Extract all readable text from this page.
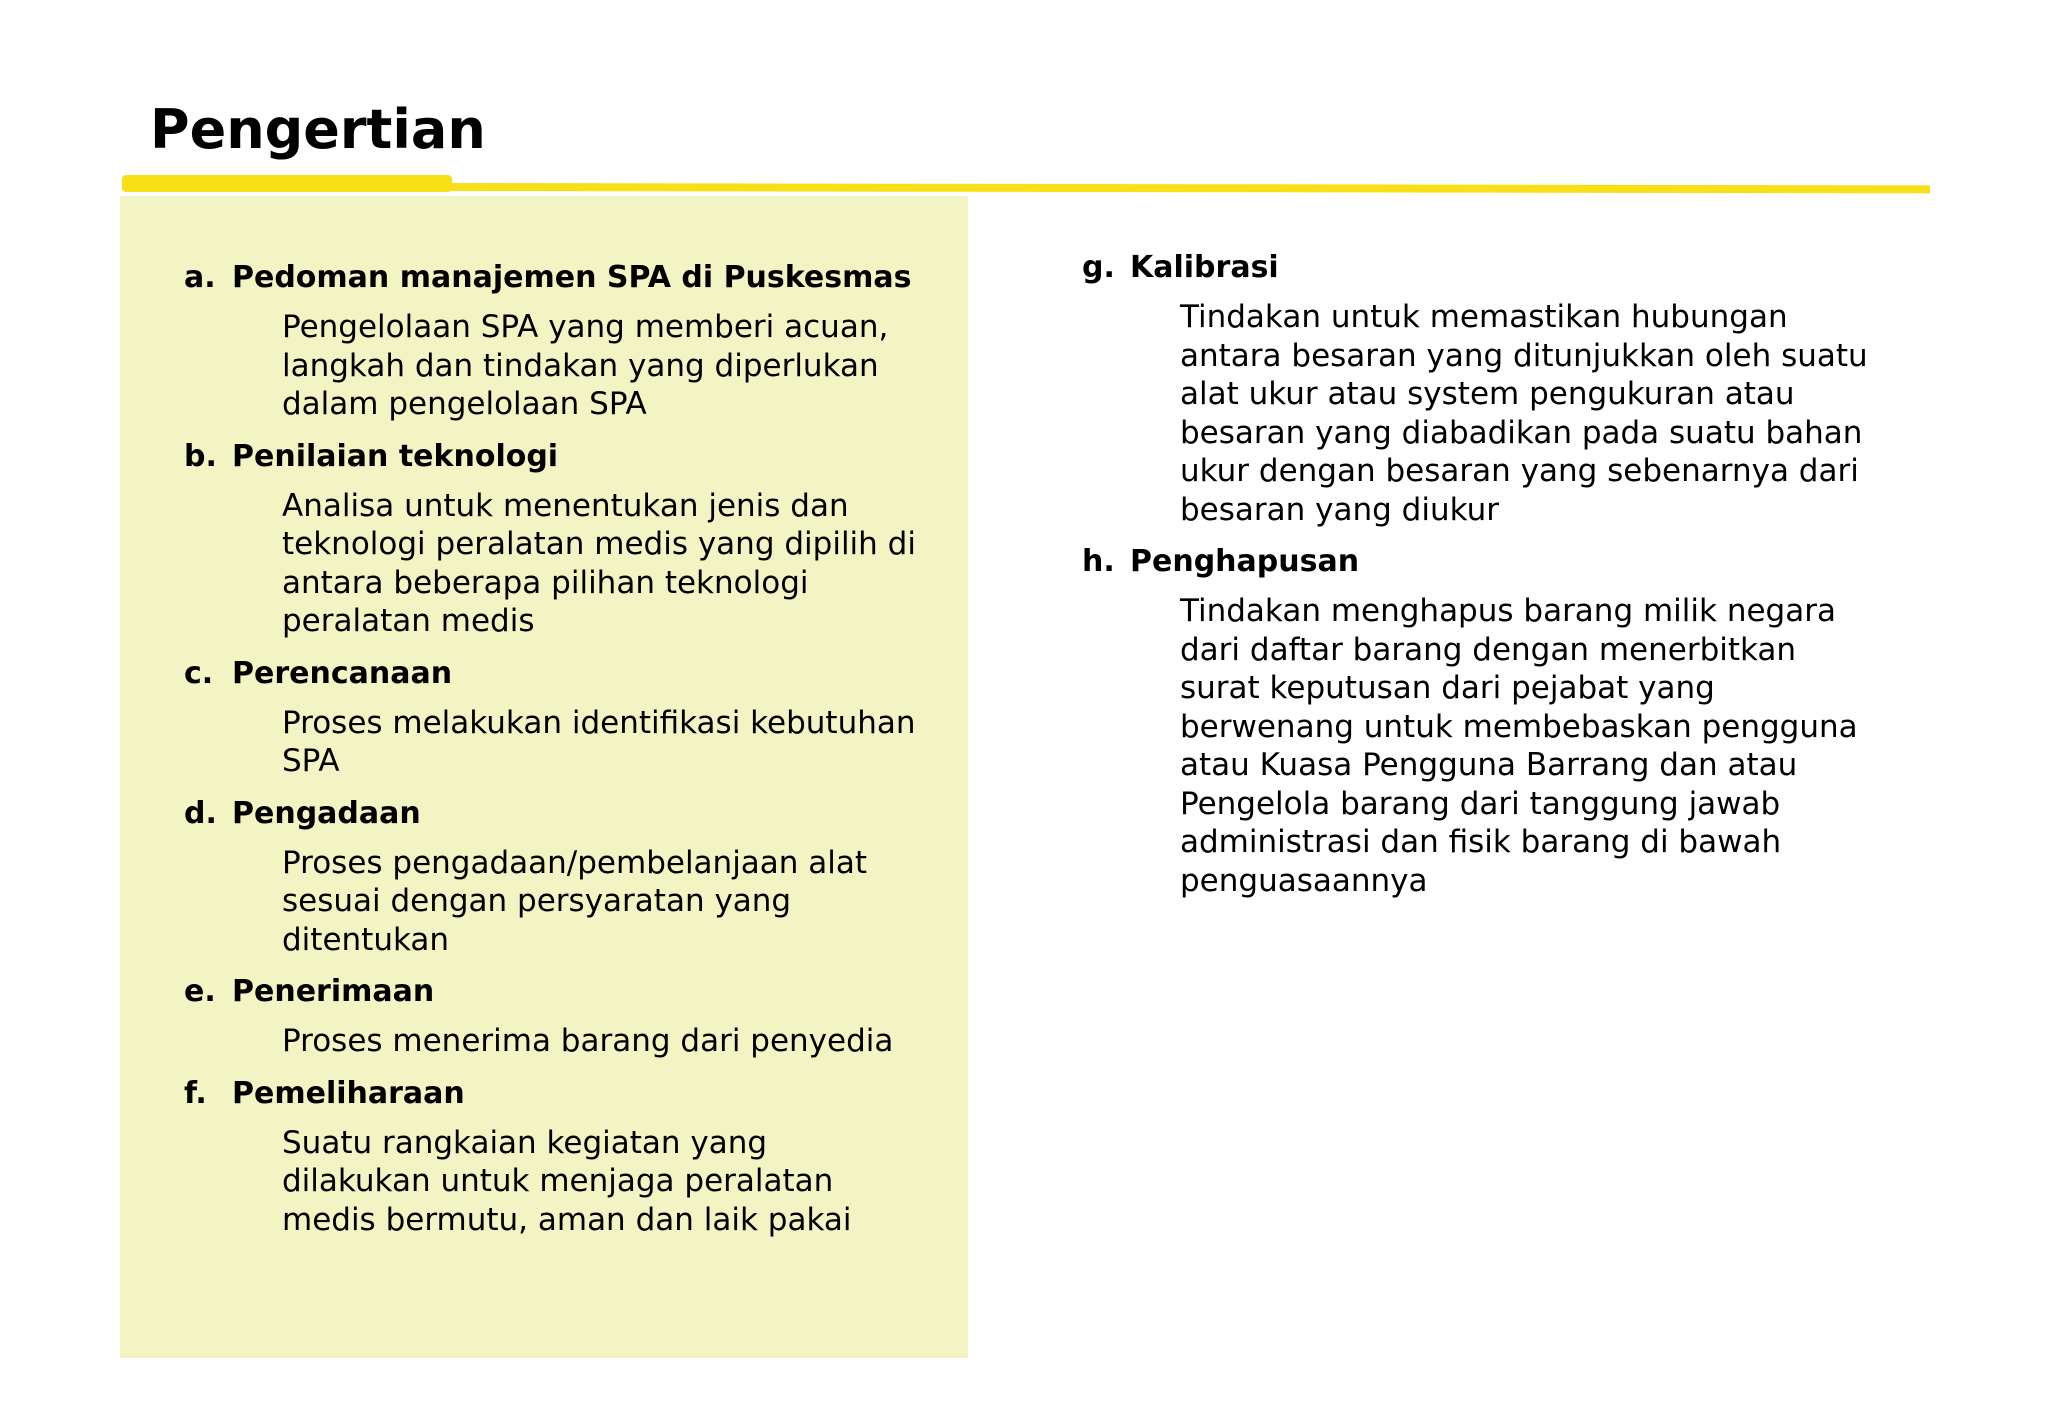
Pengertian
a. Pedoman manajemen SPA di Puskesmas
Pengelolaan SPA yang memberi acuan,
langkah dan tindakan yang diperlukan
dalam pengelolaan SPA
b. Penilaian teknologi
Analisa untuk menentukan jenis dan
teknologi peralatan medis yang dipilih di
antara beberapa pilihan teknologi
peralatan medis
c. Perencanaan
Proses melakukan identifikasi kebutuhan
SPA
d. Pengadaan
Proses pengadaan/pembelanjaan alat
sesuai dengan persyaratan yang
ditentukan
e. Penerimaan
Proses menerima barang dari penyedia
f. Pemeliharaan
Suatu rangkaian kegiatan yang
dilakukan untuk menjaga peralatan
medis bermutu, aman dan laik pakai
g. Kalibrasi
Tindakan untuk memastikan hubungan
antara besaran yang ditunjukkan oleh suatu
alat ukur atau system pengukuran atau
besaran yang diabadikan pada suatu bahan
ukur dengan besaran yang sebenarnya dari
besaran yang diukur
h. Penghapusan
Tindakan menghapus barang milik negara
dari daftar barang dengan menerbitkan
surat keputusan dari pejabat yang
berwenang untuk membebaskan pengguna
atau Kuasa Pengguna Barrang dan atau
Pengelola barang dari tanggung jawab
administrasi dan fisik barang di bawah
penguasaannya
